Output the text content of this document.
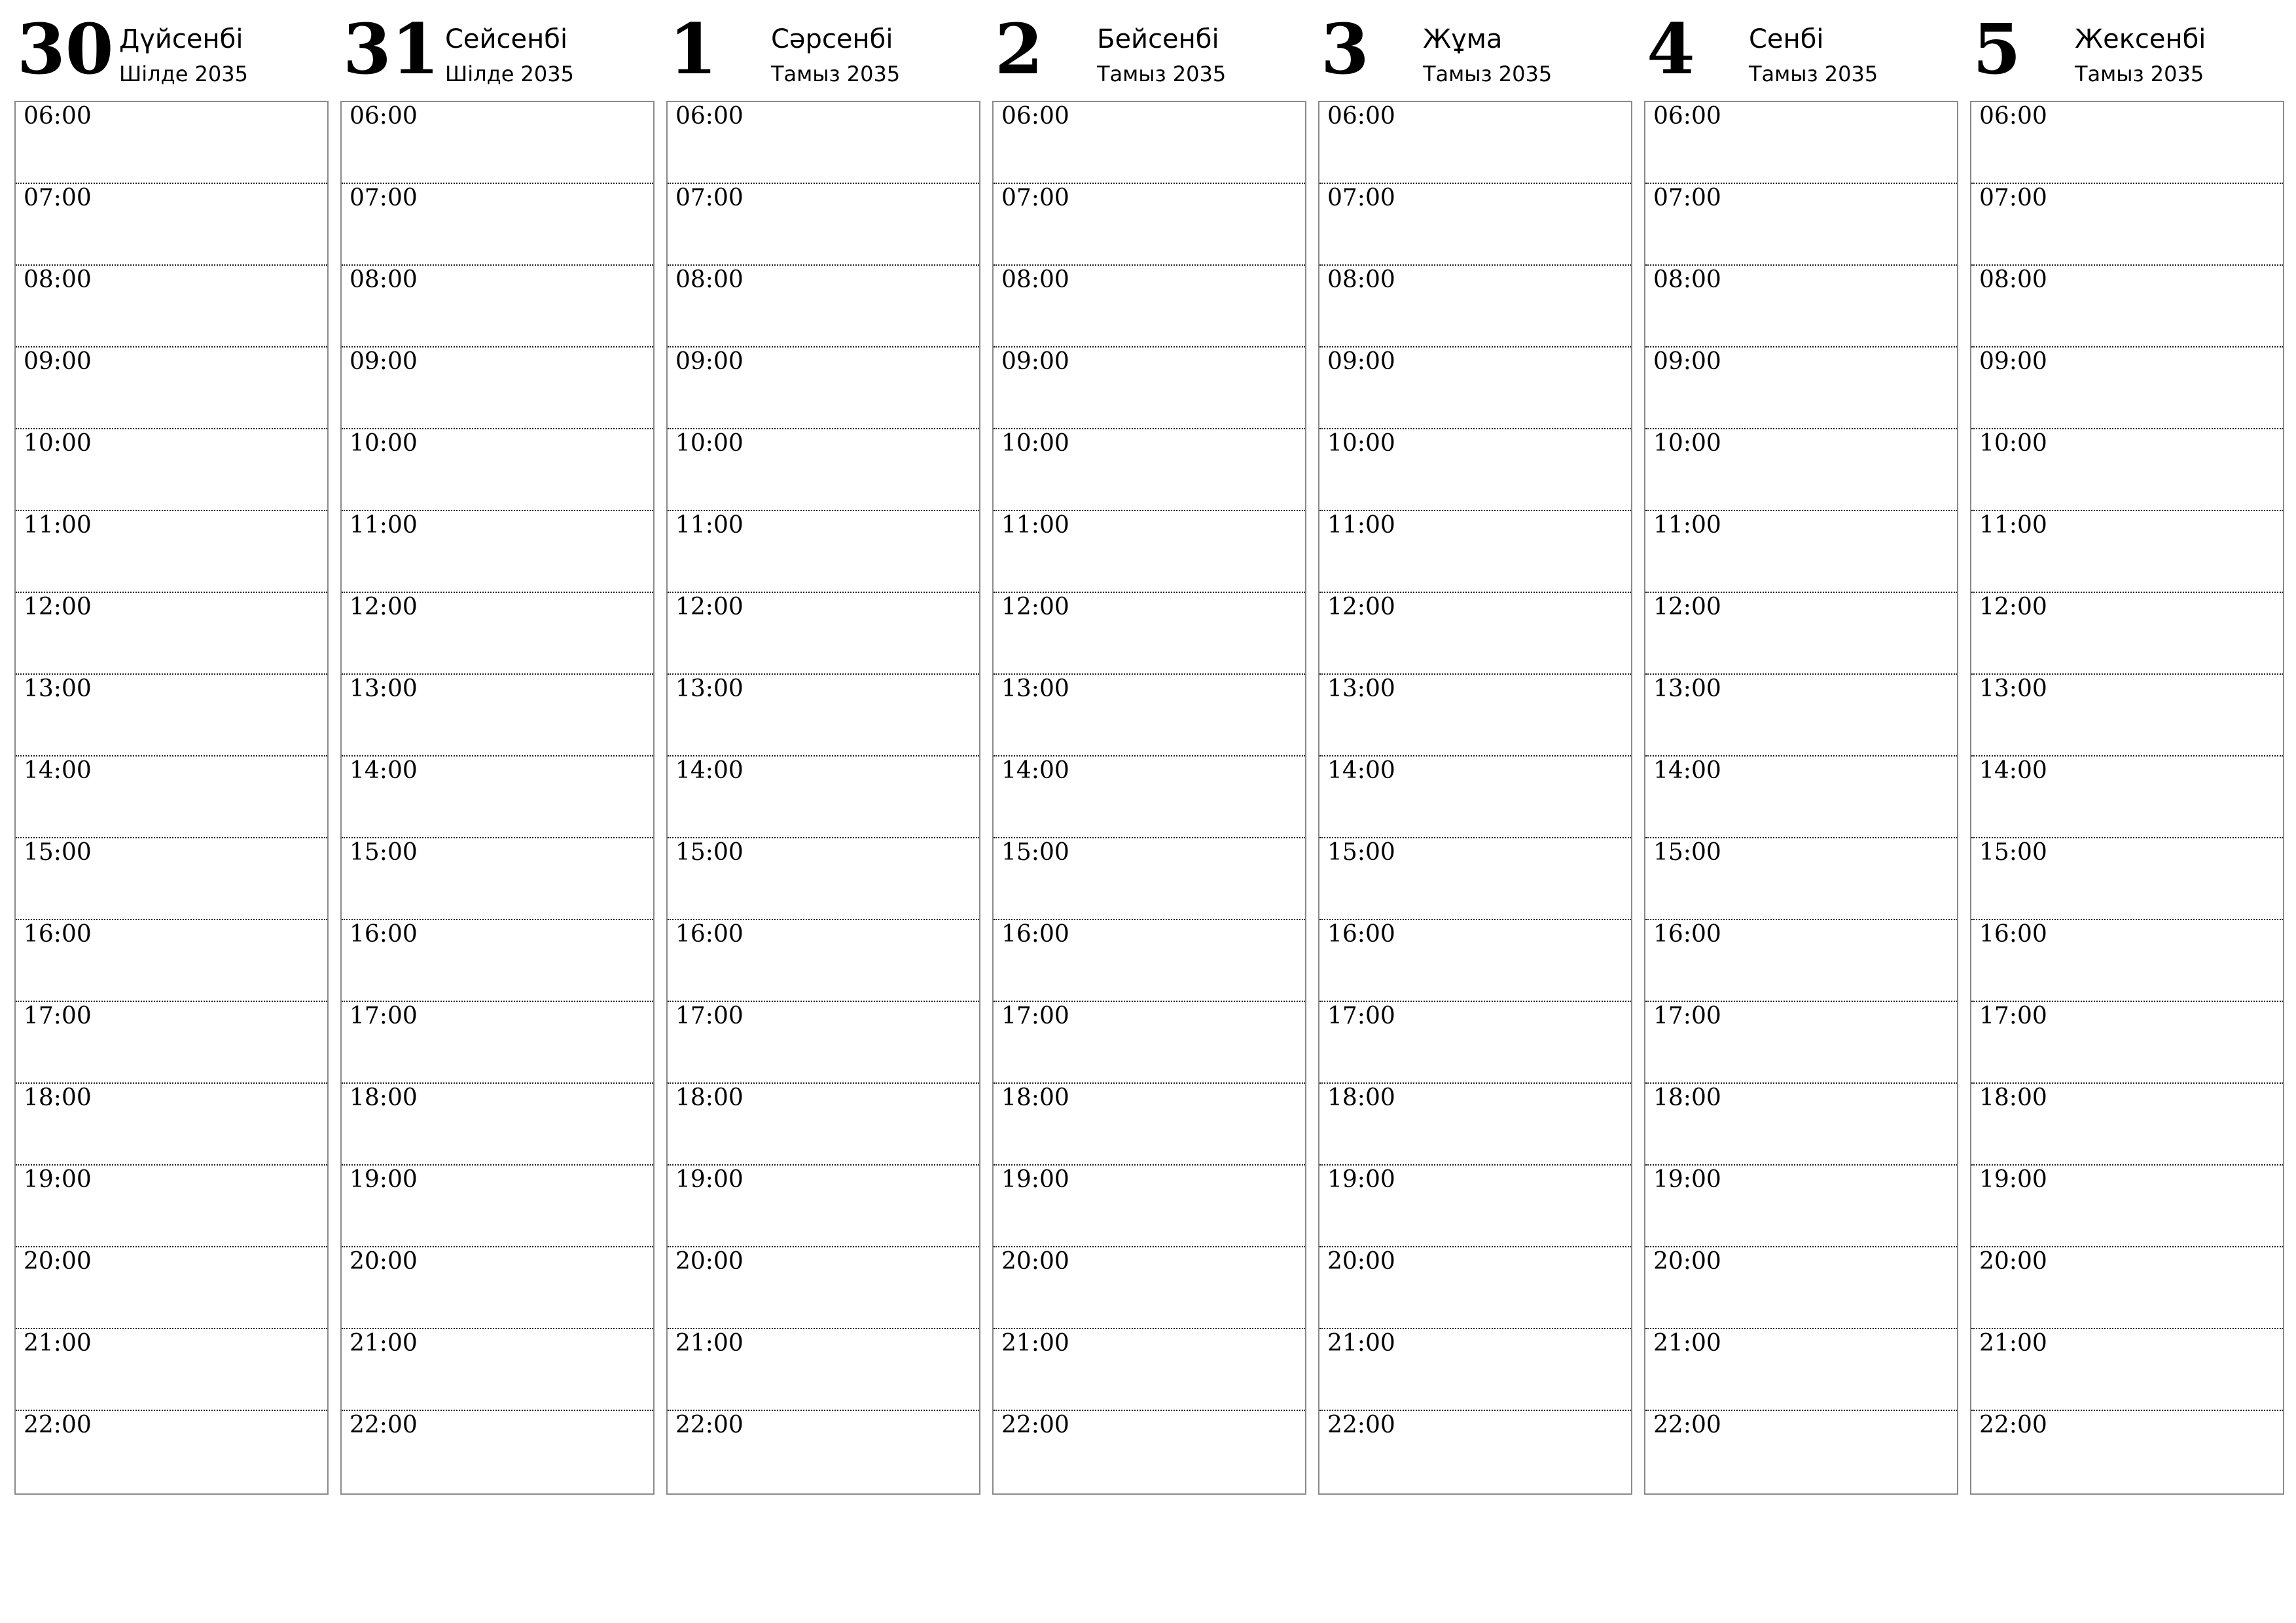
30 Дүйсенбі
Шілде 2035
06:00
07:00
08:00
09:00
10:00
11:00
12:00
13:00
14:00
15:00
16:00
17:00
18:00
19:00
20:00
21:00
22:00
31 Сейсенбі
Шілде 2035
06:00
07:00
08:00
09:00
10:00
11:00
12:00
13:00
14:00
15:00
16:00
17:00
18:00
19:00
20:00
21:00
22:00
1 Сәрсенбі
Тамыз 2035
06:00
07:00
08:00
09:00
10:00
11:00
12:00
13:00
14:00
15:00
16:00
17:00
18:00
19:00
20:00
21:00
22:00
2 Бейсенбі
Тамыз 2035
06:00
07:00
08:00
09:00
10:00
11:00
12:00
13:00
14:00
15:00
16:00
17:00
18:00
19:00
20:00
21:00
22:00
3 Жұма
Тамыз 2035
06:00
07:00
08:00
09:00
10:00
11:00
12:00
13:00
14:00
15:00
16:00
17:00
18:00
19:00
20:00
21:00
22:00
4 Сенбі
Тамыз 2035
06:00
07:00
08:00
09:00
10:00
11:00
12:00
13:00
14:00
15:00
16:00
17:00
18:00
19:00
20:00
21:00
22:00
5 Жексенбі
Тамыз 2035
06:00
07:00
08:00
09:00
10:00
11:00
12:00
13:00
14:00
15:00
16:00
17:00
18:00
19:00
20:00
21:00
22:00
